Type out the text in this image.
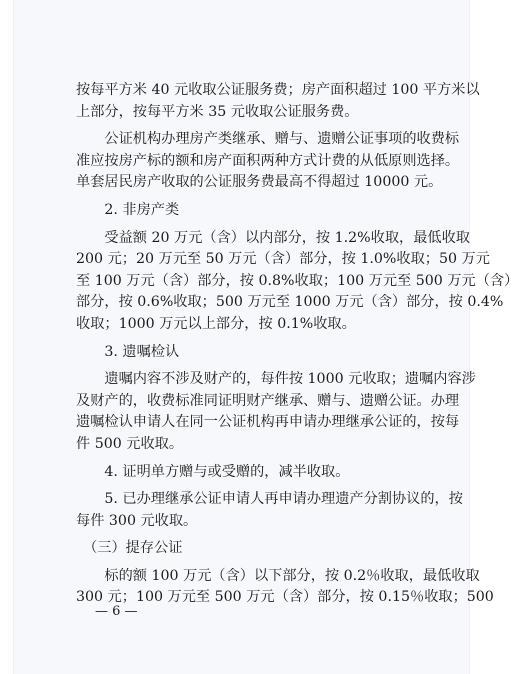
按每平方米 40 元收取公证服务费；房产面积超过 100 平方米以
上部分，按每平方米 35 元收取公证服务费。
　　公证机构办理房产类继承、赠与、遗赠公证事项的收费标
准应按房产标的额和房产面积两种方式计费的从低原则选择。
单套居民房产收取的公证服务费最高不得超过 10000 元。
　　2. 非房产类
　　受益额 20 万元（含）以内部分，按 1.2%收取，最低收取
200 元；20 万元至 50 万元（含）部分，按 1.0%收取；50 万元
至 100 万元（含）部分，按 0.8%收取；100 万元至 500 万元（含）
部分，按 0.6%收取；500 万元至 1000 万元（含）部分，按 0.4%
收取；1000 万元以上部分，按 0.1%收取。
　　3. 遗嘱检认
　　遗嘱内容不涉及财产的，每件按 1000 元收取；遗嘱内容涉
及财产的，收费标准同证明财产继承、赠与、遗赠公证。办理
遗嘱检认申请人在同一公证机构再申请办理继承公证的，按每
件 500 元收取。
　　4. 证明单方赠与或受赠的，减半收取。
　　5. 已办理继承公证申请人再申请办理遗产分割协议的，按
每件 300 元收取。
　（三）提存公证
　　标的额 100 万元（含）以下部分，按 0.2％收取，最低收取
300 元；100 万元至 500 万元（含）部分，按 0.15％收取；500
— 6 —
